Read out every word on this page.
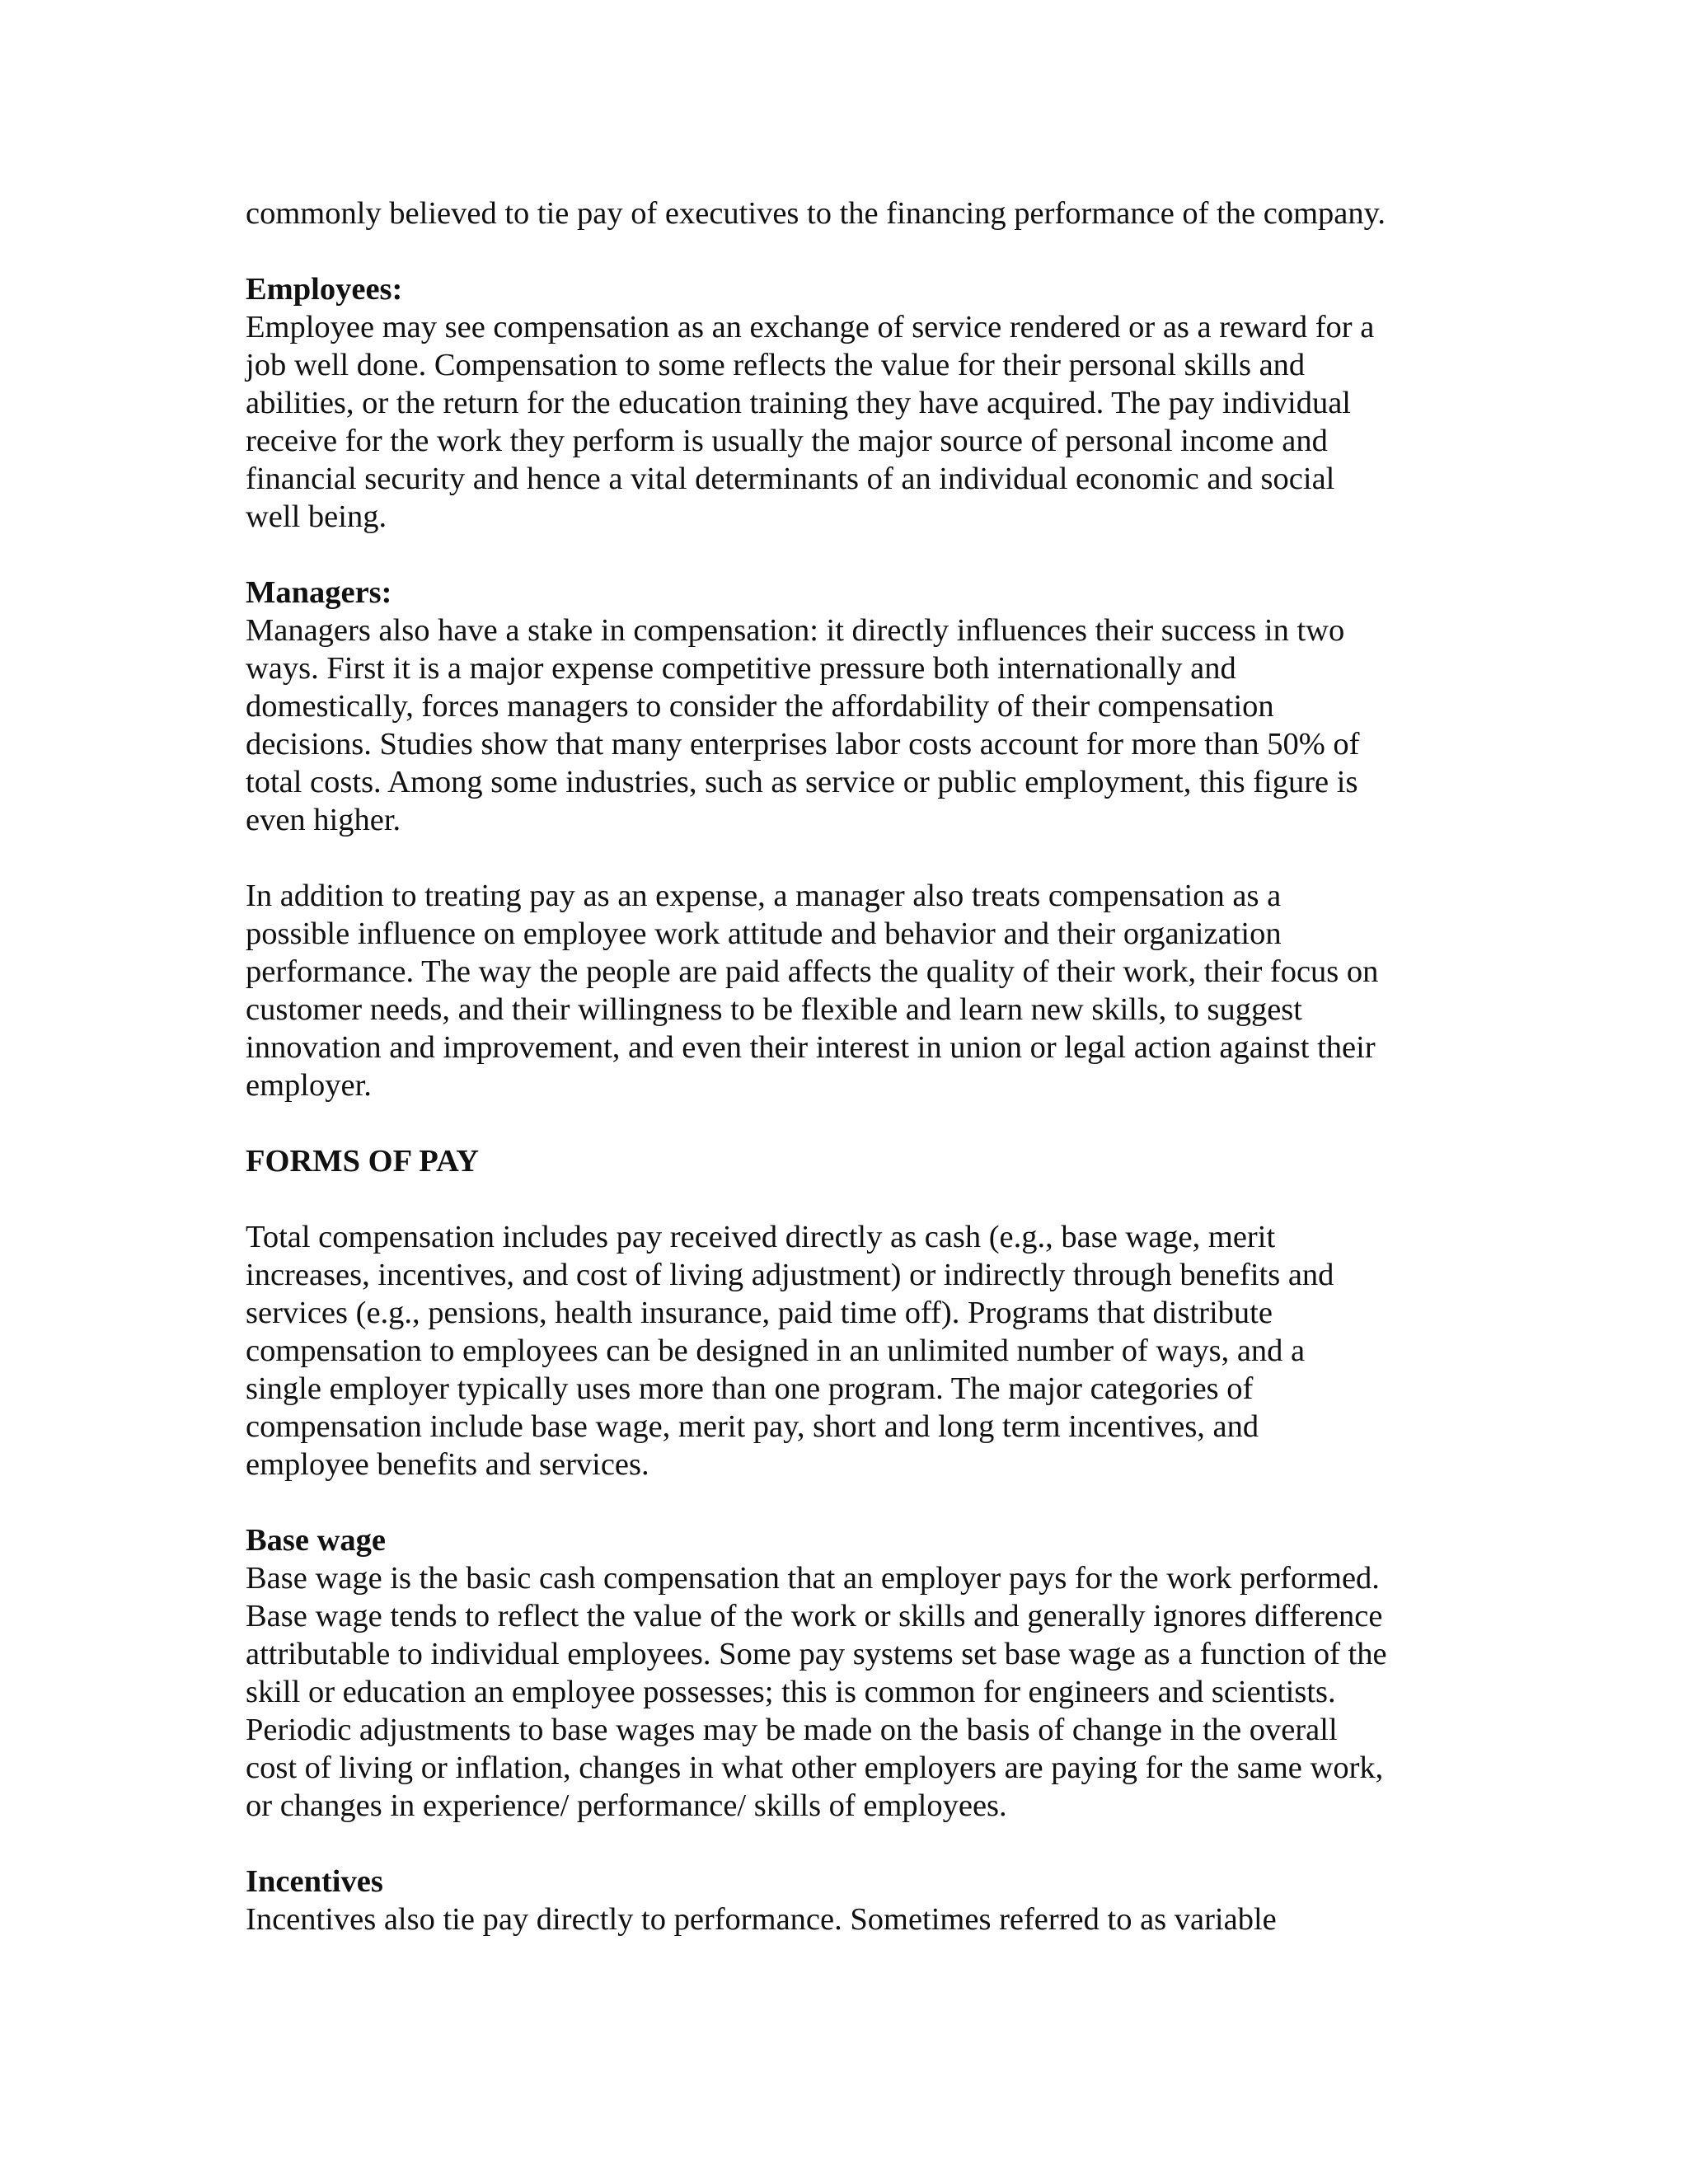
commonly believed to tie pay of executives to the financing performance of the company.
Employees:
Employee may see compensation as an exchange of service rendered or as a reward for a
job well done. Compensation to some reflects the value for their personal skills and
abilities, or the return for the education training they have acquired. The pay individual
receive for the work they perform is usually the major source of personal income and
financial security and hence a vital determinants of an individual economic and social
well being.
Managers:
Managers also have a stake in compensation: it directly influences their success in two
ways. First it is a major expense competitive pressure both internationally and
domestically, forces managers to consider the affordability of their compensation
decisions. Studies show that many enterprises labor costs account for more than 50% of
total costs. Among some industries, such as service or public employment, this figure is
even higher.
In addition to treating pay as an expense, a manager also treats compensation as a
possible influence on employee work attitude and behavior and their organization
performance. The way the people are paid affects the quality of their work, their focus on
customer needs, and their willingness to be flexible and learn new skills, to suggest
innovation and improvement, and even their interest in union or legal action against their
employer.
FORMS OF PAY
Total compensation includes pay received directly as cash (e.g., base wage, merit
increases, incentives, and cost of living adjustment) or indirectly through benefits and
services (e.g., pensions, health insurance, paid time off). Programs that distribute
compensation to employees can be designed in an unlimited number of ways, and a
single employer typically uses more than one program. The major categories of
compensation include base wage, merit pay, short and long term incentives, and
employee benefits and services.
Base wage
Base wage is the basic cash compensation that an employer pays for the work performed.
Base wage tends to reflect the value of the work or skills and generally ignores difference
attributable to individual employees. Some pay systems set base wage as a function of the
skill or education an employee possesses; this is common for engineers and scientists.
Periodic adjustments to base wages may be made on the basis of change in the overall
cost of living or inflation, changes in what other employers are paying for the same work,
or changes in experience/ performance/ skills of employees.
Incentives
Incentives also tie pay directly to performance. Sometimes referred to as variable
